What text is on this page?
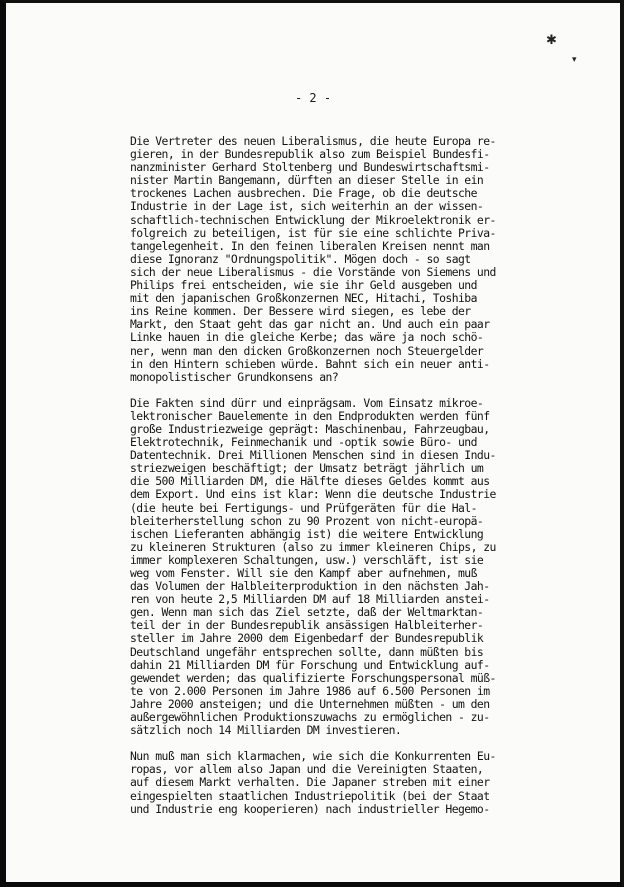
✱
▾
- 2 -
Die Vertreter des neuen Liberalismus, die heute Europa re-
gieren, in der Bundesrepublik also zum Beispiel Bundesfi-
nanzminister Gerhard Stoltenberg und Bundeswirtschaftsmi-
nister Martin Bangemann, dürften an dieser Stelle in ein
trockenes Lachen ausbrechen. Die Frage, ob die deutsche
Industrie in der Lage ist, sich weiterhin an der wissen-
schaftlich-technischen Entwicklung der Mikroelektronik er-
folgreich zu beteiligen, ist für sie eine schlichte Priva-
tangelegenheit. In den feinen liberalen Kreisen nennt man
diese Ignoranz "Ordnungspolitik". Mögen doch - so sagt
sich der neue Liberalismus - die Vorstände von Siemens und
Philips frei entscheiden, wie sie ihr Geld ausgeben und
mit den japanischen Großkonzernen NEC, Hitachi, Toshiba
ins Reine kommen. Der Bessere wird siegen, es lebe der
Markt, den Staat geht das gar nicht an. Und auch ein paar
Linke hauen in die gleiche Kerbe; das wäre ja noch schö-
ner, wenn man den dicken Großkonzernen noch Steuergelder
in den Hintern schieben würde. Bahnt sich ein neuer anti-
monopolistischer Grundkonsens an?
Die Fakten sind dürr und einprägsam. Vom Einsatz mikroe-
lektronischer Bauelemente in den Endprodukten werden fünf
große Industriezweige geprägt: Maschinenbau, Fahrzeugbau,
Elektrotechnik, Feinmechanik und -optik sowie Büro- und
Datentechnik. Drei Millionen Menschen sind in diesen Indu-
striezweigen beschäftigt; der Umsatz beträgt jährlich um
die 500 Milliarden DM, die Hälfte dieses Geldes kommt aus
dem Export. Und eins ist klar: Wenn die deutsche Industrie
(die heute bei Fertigungs- und Prüfgeräten für die Hal-
bleiterherstellung schon zu 90 Prozent von nicht-europä-
ischen Lieferanten abhängig ist) die weitere Entwicklung
zu kleineren Strukturen (also zu immer kleineren Chips, zu
immer komplexeren Schaltungen, usw.) verschläft, ist sie
weg vom Fenster. Will sie den Kampf aber aufnehmen, muß
das Volumen der Halbleiterproduktion in den nächsten Jah-
ren von heute 2,5 Milliarden DM auf 18 Milliarden anstei-
gen. Wenn man sich das Ziel setzte, daß der Weltmarktan-
teil der in der Bundesrepublik ansässigen Halbleiterher-
steller im Jahre 2000 dem Eigenbedarf der Bundesrepublik
Deutschland ungefähr entsprechen sollte, dann müßten bis
dahin 21 Milliarden DM für Forschung und Entwicklung auf-
gewendet werden; das qualifizierte Forschungspersonal müß-
te von 2.000 Personen im Jahre 1986 auf 6.500 Personen im
Jahre 2000 ansteigen; und die Unternehmen müßten - um den
außergewöhnlichen Produktionszuwachs zu ermöglichen - zu-
sätzlich noch 14 Milliarden DM investieren.
Nun muß man sich klarmachen, wie sich die Konkurrenten Eu-
ropas, vor allem also Japan und die Vereinigten Staaten,
auf diesem Markt verhalten. Die Japaner streben mit einer
eingespielten staatlichen Industriepolitik (bei der Staat
und Industrie eng kooperieren) nach industrieller Hegemo-
